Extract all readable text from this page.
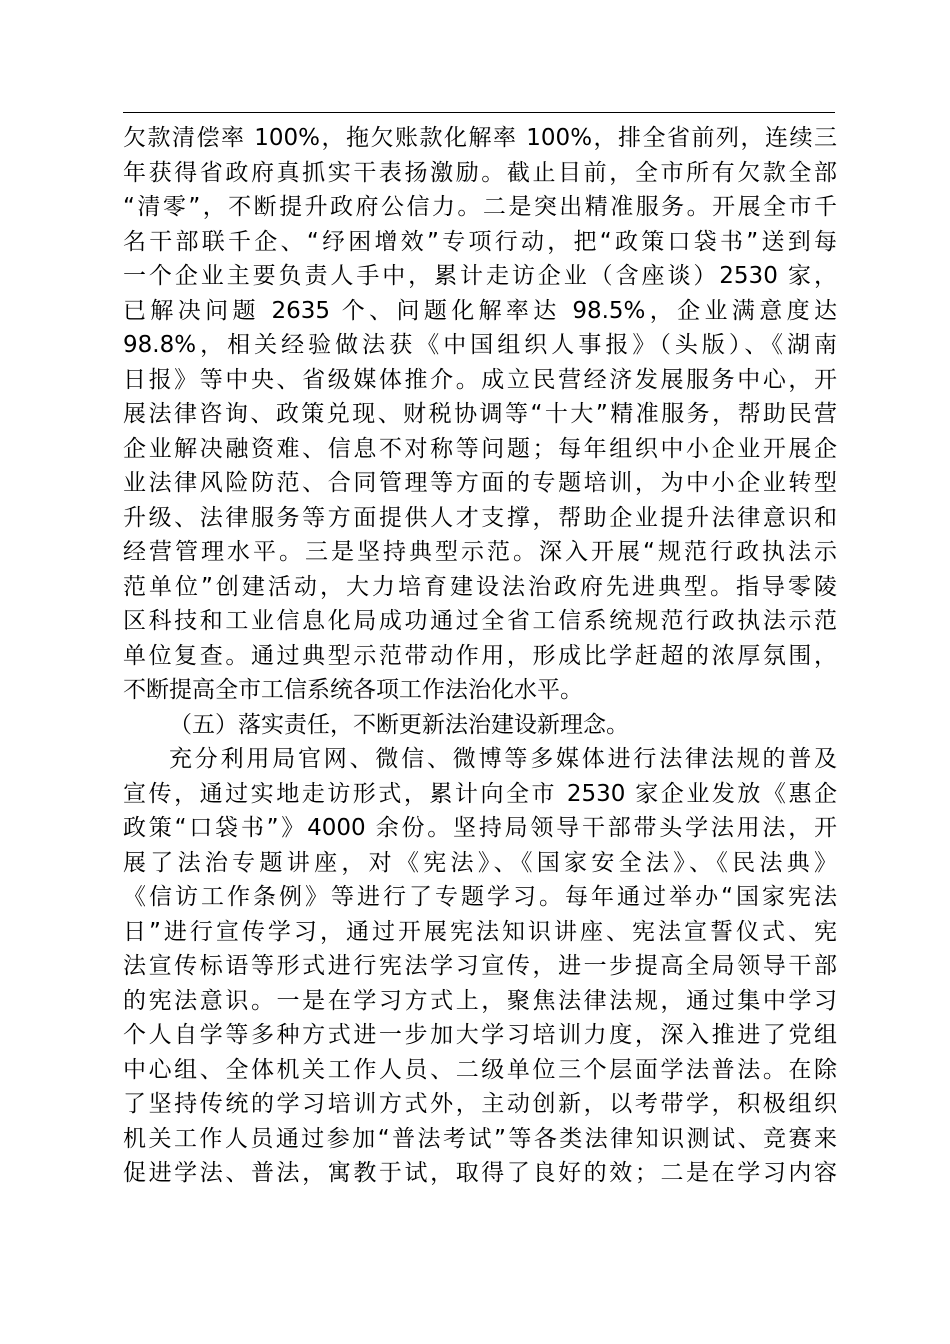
欠款清偿率 100%，拖欠账款化解率 100%，排全省前列，连续三
年获得省政府真抓实干表扬激励。截止目前，全市所有欠款全部
“清零”，不断提升政府公信力。二是突出精准服务。开展全市千
名干部联千企、“纾困增效”专项行动，把“政策口袋书”送到每
一个企业主要负责人手中，累计走访企业（含座谈）2530 家，
已解决问题 2635 个、问题化解率达 98.5%，企业满意度达
98.8%，相关经验做法获《中国组织人事报》（头版）、《湖南
日报》等中央、省级媒体推介。成立民营经济发展服务中心，开
展法律咨询、政策兑现、财税协调等“十大”精准服务，帮助民营
企业解决融资难、信息不对称等问题；每年组织中小企业开展企
业法律风险防范、合同管理等方面的专题培训，为中小企业转型
升级、法律服务等方面提供人才支撑，帮助企业提升法律意识和
经营管理水平。三是坚持典型示范。深入开展“规范行政执法示
范单位”创建活动，大力培育建设法治政府先进典型。指导零陵
区科技和工业信息化局成功通过全省工信系统规范行政执法示范
单位复查。通过典型示范带动作用，形成比学赶超的浓厚氛围，
不断提高全市工信系统各项工作法治化水平。
（五）落实责任，不断更新法治建设新理念。
充分利用局官网、微信、微博等多媒体进行法律法规的普及
宣传，通过实地走访形式，累计向全市 2530 家企业发放《惠企
政策“口袋书”》4000 余份。坚持局领导干部带头学法用法，开
展了法治专题讲座，对《宪法》、《国家安全法》、《民法典》
《信访工作条例》等进行了专题学习。每年通过举办“国家宪法
日”进行宣传学习，通过开展宪法知识讲座、宪法宣誓仪式、宪
法宣传标语等形式进行宪法学习宣传，进一步提高全局领导干部
的宪法意识。一是在学习方式上，聚焦法律法规，通过集中学习
个人自学等多种方式进一步加大学习培训力度，深入推进了党组
中心组、全体机关工作人员、二级单位三个层面学法普法。在除
了坚持传统的学习培训方式外，主动创新，以考带学，积极组织
机关工作人员通过参加“普法考试”等各类法律知识测试、竞赛来
促进学法、普法，寓教于试，取得了良好的效；二是在学习内容
